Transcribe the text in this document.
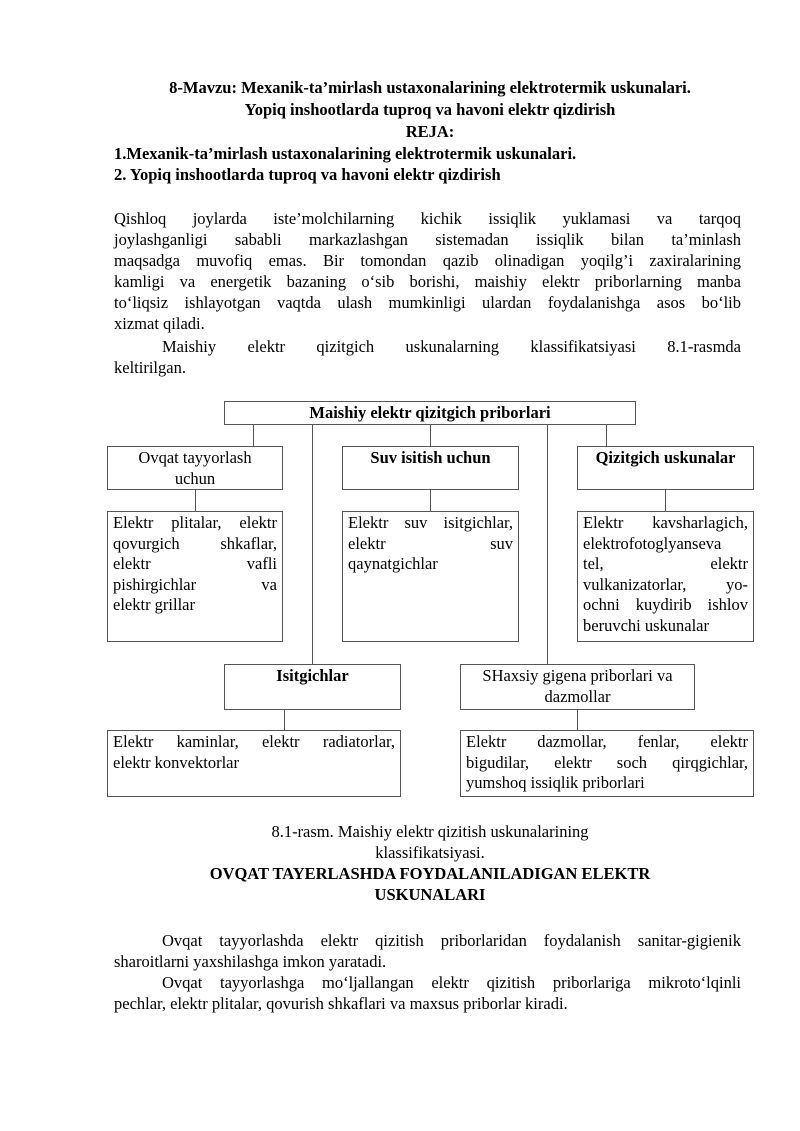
8-Mavzu: Mexanik-ta’mirlash ustaxonalarining elektrotermik uskunalari.
Yopiq inshootlarda tuproq va havoni elektr qizdirish
REJA:
1.Mexanik-ta’mirlash ustaxonalarining elektrotermik uskunalari.
2. Yopiq inshootlarda tuproq va havoni elektr qizdirish
Qishloq joylarda iste’molchilarning kichik issiqlik yuklamasi va tarqoq
joylashganligi sababli markazlashgan sistemadan issiqlik bilan ta’minlash
maqsadga muvofiq emas. Bir tomondan qazib olinadigan yoqilg’i zaxiralarining
kamligi va energetik bazaning o‘sib borishi, maishiy elektr priborlarning manba
to‘liqsiz ishlayotgan vaqtda ulash mumkinligi ulardan foydalanishga asos bo‘lib
xizmat qiladi.
Maishiy elektr qizitgich uskunalarning klassifikatsiyasi 8.1-rasmda
keltirilgan.
Maishiy elektr qizitgich priborlari
Ovqat tayyorlash
uchun
Suv isitish uchun	Qizitgich uskunalar
Elektr plitalar, elektr
qovurgich shkaflar,
elektr vafli
pishirgichlar va
elektr grillar
Elektr suv isitgichlar,
elektr suv
qaynatgichlar
Elektr kavsharlagich,
elektrofotoglyanseva
tel, elektr
vulkanizatorlar, yo-
ochni kuydirib ishlov
beruvchi uskunalar
Isitgichlar	SHaxsiy gigena priborlari va
dazmollar
Elektr kaminlar, elektr radiatorlar,
elektr konvektorlar
Elektr dazmollar, fenlar, elektr
bigudilar, elektr soch qirqgichlar,
yumshoq issiqlik priborlari
8.1-rasm. Maishiy elektr qizitish uskunalarining
klassifikatsiyasi.
OVQAT TAYERLASHDA FOYDALANILADIGAN ELEKTR
USKUNALARI
Ovqat tayyorlashda elektr qizitish priborlaridan foydalanish sanitar-gigienik
sharoitlarni yaxshilashga imkon yaratadi.
Ovqat tayyorlashga mo‘ljallangan elektr qizitish priborlariga mikroto‘lqinli
pechlar, elektr plitalar, qovurish shkaflari va maxsus priborlar kiradi.
